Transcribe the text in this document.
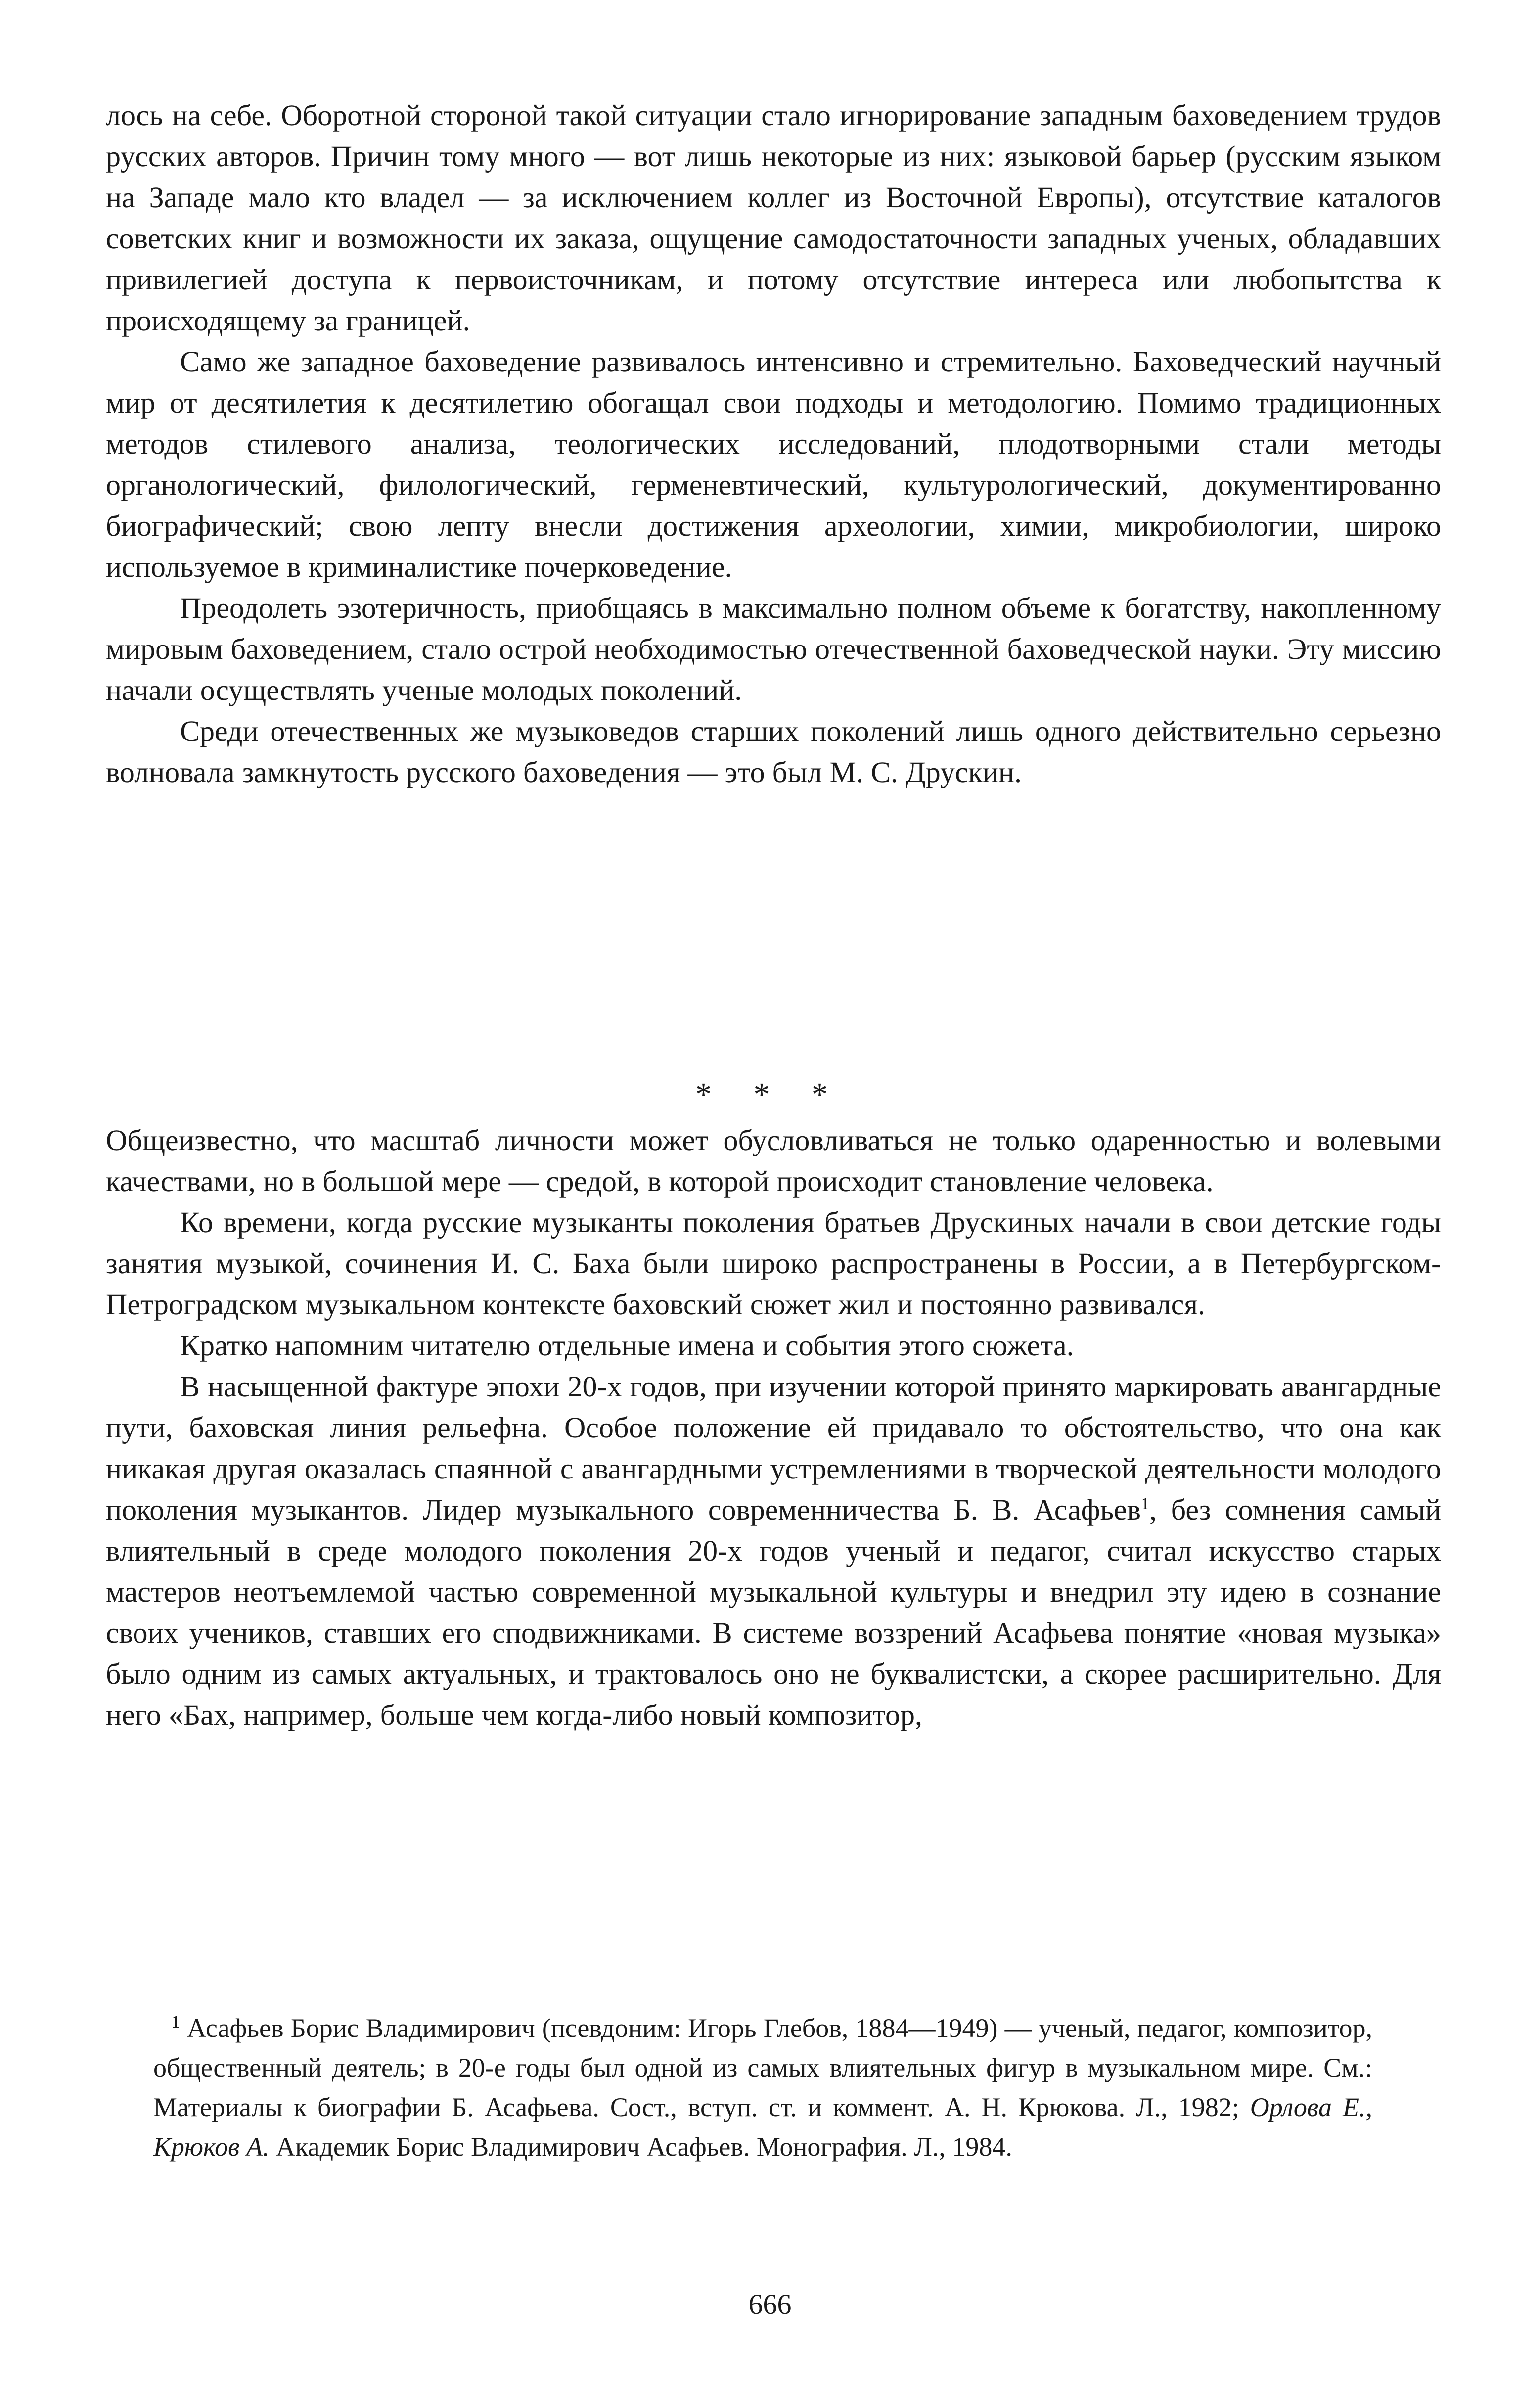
лось на себе. Оборотной стороной такой ситуации стало игнорирование западным баховедением трудов русских авторов. Причин тому много — вот лишь некоторые из них: языковой барьер (русским языком на Западе мало кто владел — за исключением коллег из Восточной Европы), отсутствие каталогов советских книг и возможности их заказа, ощущение самодостаточности западных ученых, обладавших привилегией доступа к первоисточникам, и потому отсутствие интереса или любопытства к происходящему за границей.

Само же западное баховедение развивалось интенсивно и стремительно. Баховедческий научный мир от десятилетия к десятилетию обогащал свои подходы и методологию. Помимо традиционных методов стилевого анализа, теологических исследований, плодотворными стали методы органологический, филологический, герменевтический, культурологический, документированно биографический; свою лепту внесли достижения археологии, химии, микробиологии, широко используемое в криминалистике почерковедение.

Преодолеть эзотеричность, приобщаясь в максимально полном объеме к богатству, накопленному мировым баховедением, стало острой необходимостью отечественной баховедческой науки. Эту миссию начали осуществлять ученые молодых поколений.

Среди отечественных же музыковедов старших поколений лишь одного действительно серьезно волновала замкнутость русского баховедения — это был М. С. Друскин.

* * *

Общеизвестно, что масштаб личности может обусловливаться не только одаренностью и волевыми качествами, но в большой мере — средой, в которой происходит становление человека.

Ко времени, когда русские музыканты поколения братьев Друскиных начали в свои детские годы занятия музыкой, сочинения И. С. Баха были широко распространены в России, а в Петербургском-Петроградском музыкальном контексте баховский сюжет жил и постоянно развивался.

Кратко напомним читателю отдельные имена и события этого сюжета.

В насыщенной фактуре эпохи 20-х годов, при изучении которой принято маркировать авангардные пути, баховская линия рельефна. Особое положение ей придавало то обстоятельство, что она как никакая другая оказалась спаянной с авангардными устремлениями в творческой деятельности молодого поколения музыкантов. Лидер музыкального современничества Б. В. Асафьев$^1$, без сомнения самый влиятельный в среде молодого поколения 20-х годов ученый и педагог, считал искусство старых мастеров неотъемлемой частью современной музыкальной культуры и внедрил эту идею в сознание своих учеников, ставших его сподвижниками. В системе воззрений Асафьева понятие «новая музыка» было одним из самых актуальных, и трактовалось оно не буквалистски, а скорее расширительно. Для него «Бах, например, больше чем когда-либо новый композитор,

$^1$ Асафьев Борис Владимирович (псевдоним: Игорь Глебов, 1884—1949) — ученый, педагог, композитор, общественный деятель; в 20-е годы был одной из самых влиятельных фигур в музыкальном мире. См.: Материалы к биографии Б. Асафьева. Сост., вступ. ст. и коммент. А. Н. Крюкова. Л., 1982; Орлова Е., Крюков А. Академик Борис Владимирович Асафьев. Монография. Л., 1984.

666
